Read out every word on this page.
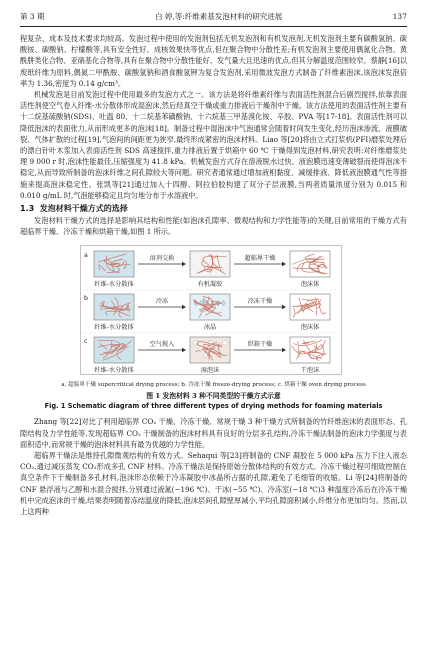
第 3 期	白 婷,等:纤维素基发泡材料的研究进展	137

程复杂、成本及技术要求均较高。发泡过程中使用的发泡剂包括无机发泡剂和有机发泡剂,无机发泡剂主要有碳酸氢钠、碳酸铵、碳酸钠、柠檬酸等,具有安全性好、成核效果快等优点,但在聚合物中分散性差;有机发泡剂主要使用偶氮化合物、黄酰肼类化合物、亚硝基化合物等,具有在聚合物中分散性能好、发气量大且迅速的优点,但其分解温度范围较窄。蔡静[16]以废纸纤维为原料,偶氮二甲酰胺、碳酸氢钠和酒食酸氢钾为复合发泡剂,采用微波发泡方式制备了纤维素泡沫,该泡沫发泡倍率为 1.36,密度为 0.14 g/cm³。

机械发泡是目前发泡过程中使用最多的发泡方式之一。该方法是将纤维素纤维与表面活性剂混合后剧烈搅拌,依靠表面活性剂使空气卷入纤维-水分散体形成湿泡沫,然后经真空干燥或重力排液后干燥剂中干燥。该方法使用的表面活性剂主要有十二烷基硫酸钠(SDS)、吐温 80、十二烷基苯磺酸钠、十六烷基三甲基溴化铵、辛胶、PVA 等[17-18]。表面活性剂可以降低泡沫的表面张力,从而形成更多的泡沫[18]。制备过程中湿泡沫中气泡通常会随着时间发生变化,经历泡沫渗流、液膜破裂、气体扩散的过程[19],气泡间的间距更为狭窄,最终形成紧密的泡沫材料。Liao 等[20]将由立式打浆机(PFI)磨浆处理后的漂白针叶木浆加入表面活性剂 SDS 高速搅拌,重力排液后置于烘箱中 60 ℃ 干燥得到发泡材料,研究表明:对纤维磨浆处理 9 000 r 时,泡沫性能最佳,压缩强度为 41.8 kPa。机械发泡方式存在溶液脱水过快、液泡膜迅速变薄破裂而使得泡沫不稳定,从而导致所制备的泡沫纤维之间孔隙较大等问题。研究者通常通过增加液相黏度、减缓排液、降低液泡膜通气性等措施来提高泡沫稳定性。张凯等[21]通过加入十四醇、阿拉伯胶构建了双分子层液膜,当两者质量浓度分别为 0.015 和 0.010 g/mL 时,气泡能够稳定且均匀地分布于水溶液中。

1.3 发泡材料干燥方式的选择

发泡材料干燥方式的选择是影响其结构和性能(如泡沫孔隙率、微观结构和力学性能等)的关键,目前常用的干燥方式有超临界干燥、冷冻干燥和烘箱干燥,如图 1 所示。

a
纤维-水分散体
溶剂交换
有机凝胶
超临界干燥
泡沫体
b
纤维-水分散体
冷冻
冰晶
冷冻干燥
泡沫体
c
纤维-水分散体
空气搅入
湿泡沫
烘箱干燥
干泡沫
a. 超临界干燥 supercritical drying process; b. 冷冻干燥 freeze-drying process; c. 烘箱干燥 oven drying process
图 1 发泡材料 3 种不同类型的干燥方式示意
Fig. 1 Schematic diagram of three different types of drying methods for foaming materials

Zhang 等[22]对比了利用超临界 CO₂ 干燥、冷冻干燥、常规干燥 3 种干燥方式所制备的竹纤维泡沫的表面形态、孔隙结构及力学性能等,发现超临界 CO₂ 干燥制备的泡沫材料具有良好的分层多孔结构,冷冻干燥法制备的泡沫力学强度与表面积适中,而常规干燥的泡沫材料具有最为优越的力学性能。

超临界干燥法是维持孔隙微观结构的有效方式。Sehaqui 等[23]将制备的 CNF 凝胶在 5 000 kPa 压力下注入液态 CO₂,通过减压蒸发 CO₂形成多孔 CNF 材料。冷冻干燥法是保持原始分散体结构的有效方式。冷冻干燥过程可细致控制在真空条件下干燥制备多孔材料,泡沫形态依赖于冷冻凝胶中冰晶所占据的孔隙,避免了毛细管的收缩。Li 等[24]将制备的 CNF 悬浮液与乙醇和水混合搅拌,分别通过液氮(−196 ℃)、干冰(−55 ℃)、冷冻室(−18 ℃)3 种温度冷冻后在冷冻干燥机中完成泡沫的干燥,结果表明随着冻结温度的降低,泡沫层间孔隙壁厚减小,平均孔隙面积减小,纤维分布更加均匀。然而,以上这两种
